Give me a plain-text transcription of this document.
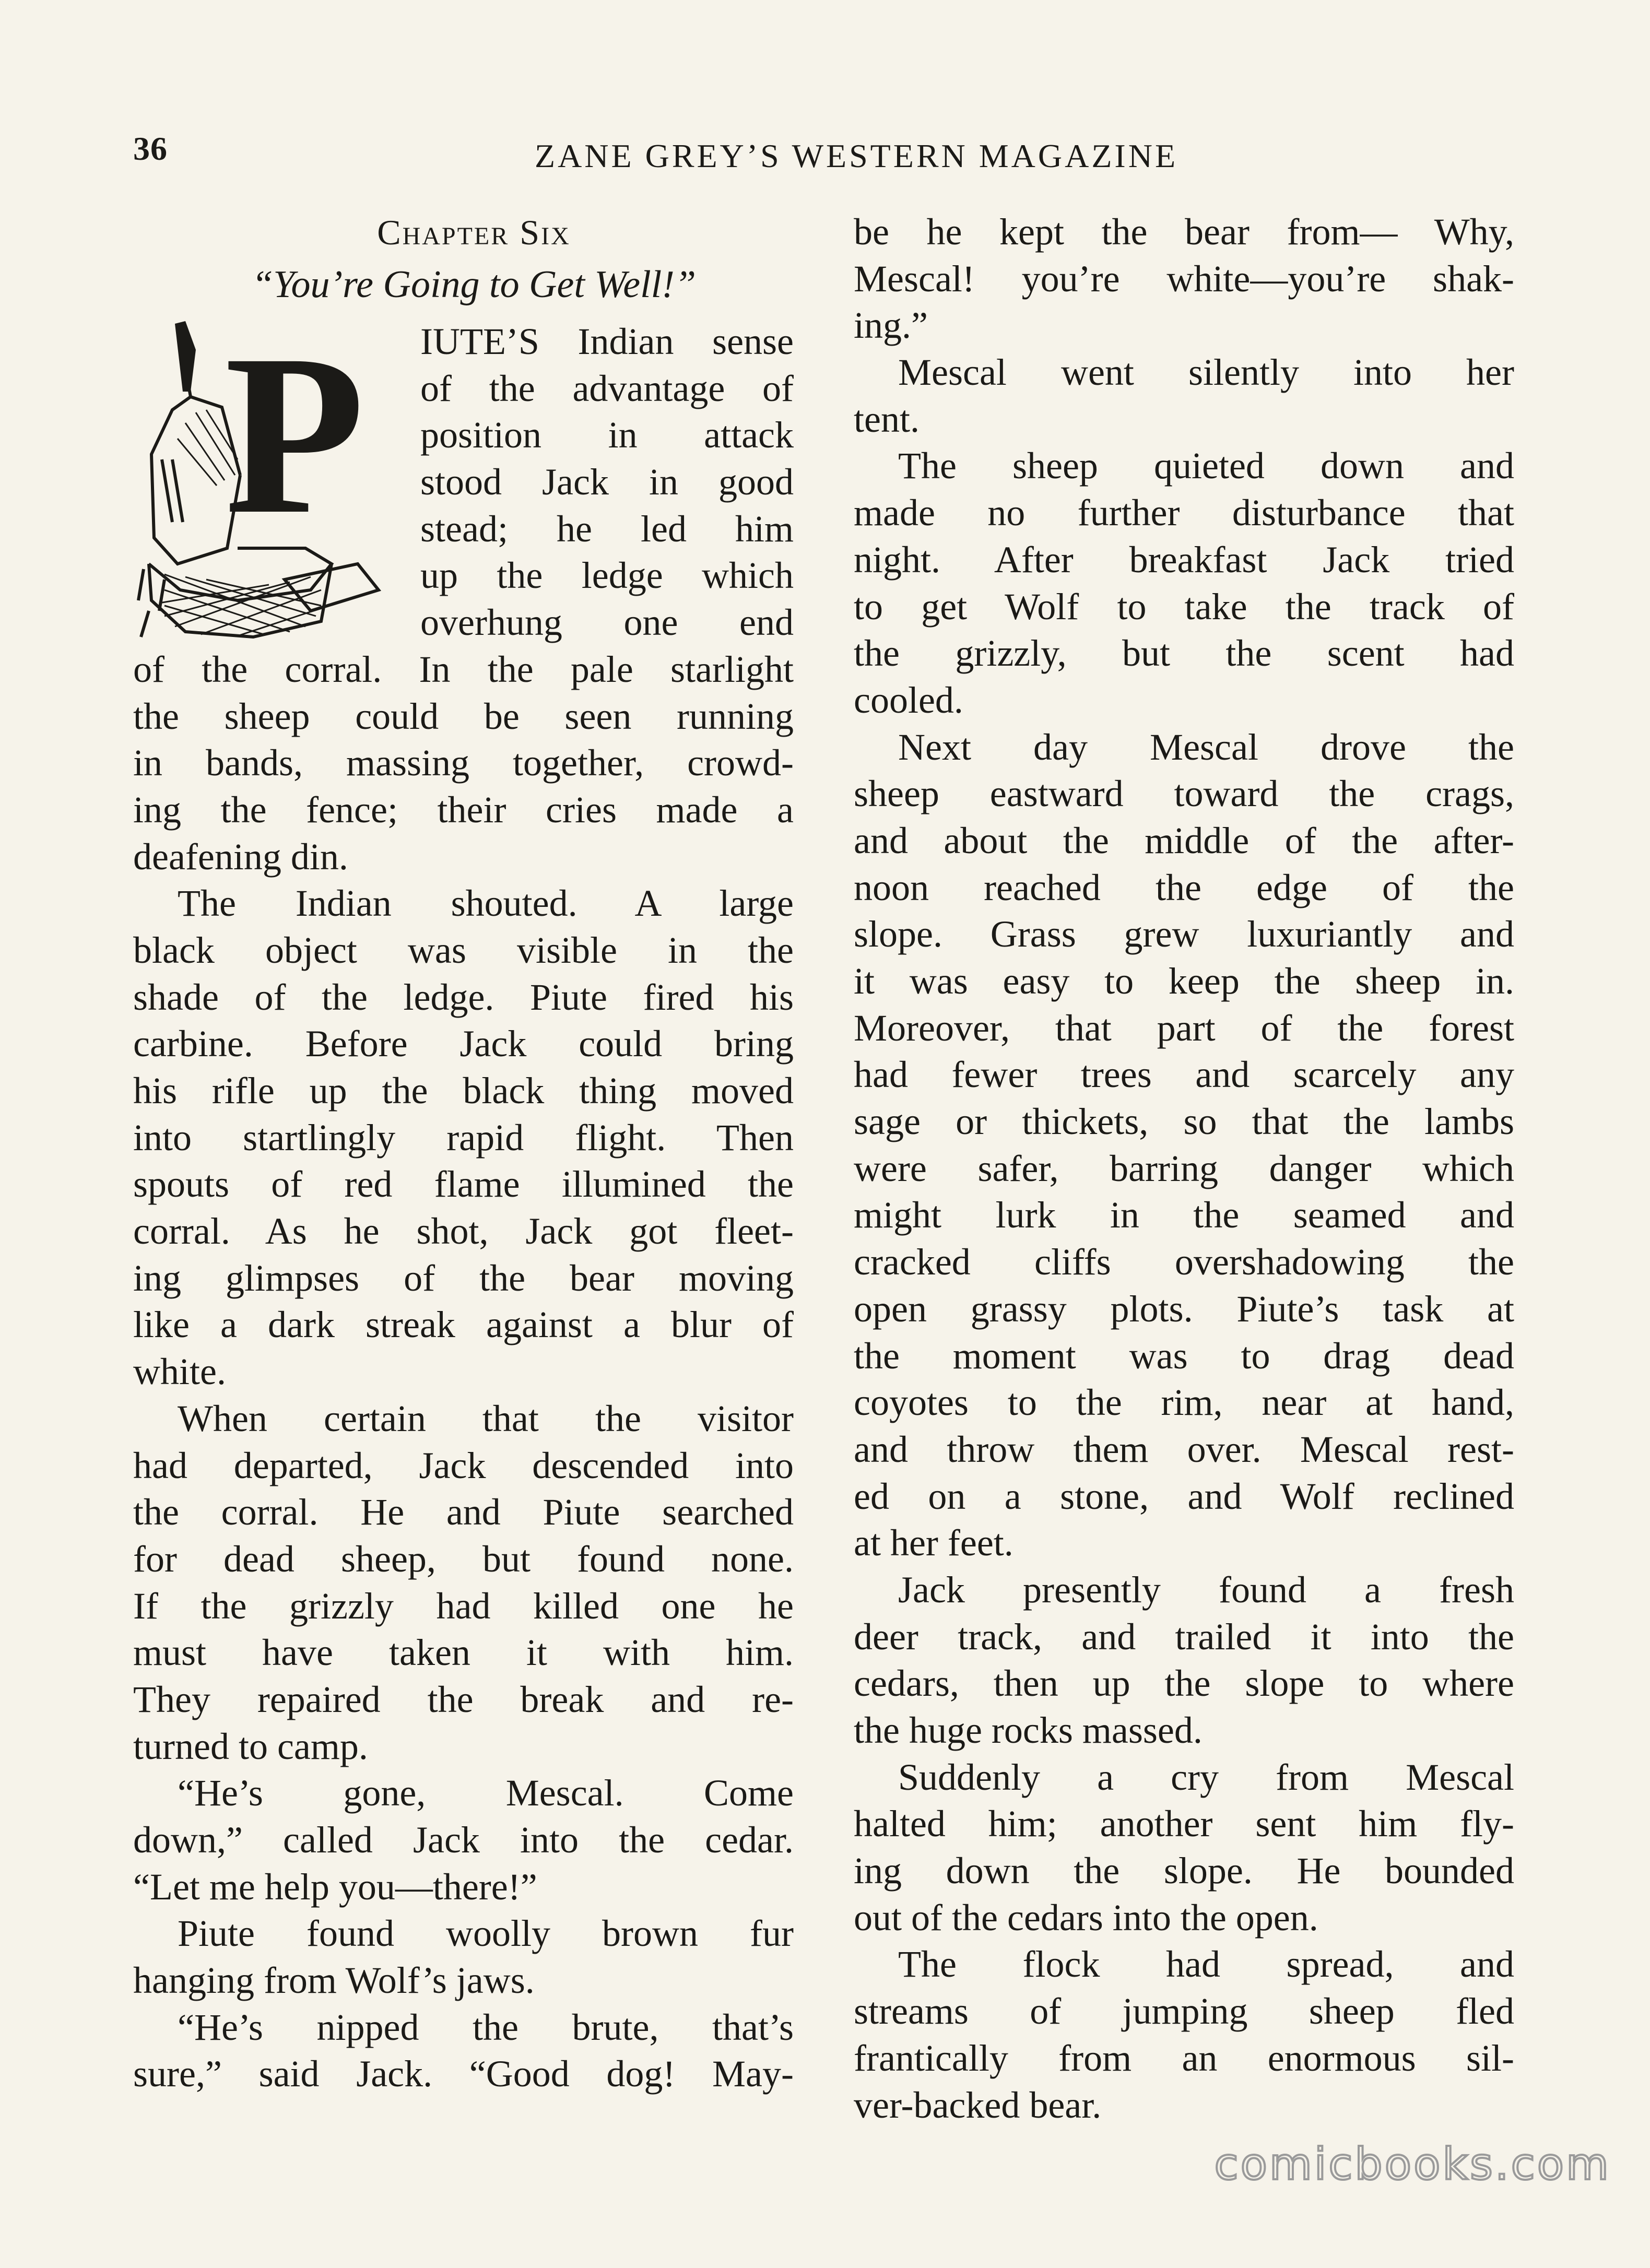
36	ZANE GREY’S WESTERN MAGAZINE
Chapter Six
“You’re Going to Get Well!”
P IUTE’S Indian sense
of the advantage of
position in attack
stood Jack in good
stead; he led him
up the ledge which
overhung one end
of the corral. In the pale starlight
the sheep could be seen running
in bands, massing together, crowd-
ing the fence; their cries made a
deafening din.
The Indian shouted. A large
black object was visible in the
shade of the ledge. Piute fired his
carbine. Before Jack could bring
his rifle up the black thing moved
into startlingly rapid flight. Then
spouts of red flame illumined the
corral. As he shot, Jack got fleet-
ing glimpses of the bear moving
like a dark streak against a blur of
white.
When certain that the visitor
had departed, Jack descended into
the corral. He and Piute searched
for dead sheep, but found none.
If the grizzly had killed one he
must have taken it with him.
They repaired the break and re-
turned to camp.
“He’s gone, Mescal. Come
down,” called Jack into the cedar.
“Let me help you—there!”
Piute found woolly brown fur
hanging from Wolf’s jaws.
“He’s nipped the brute, that’s
sure,” said Jack. “Good dog! May-
be he kept the bear from— Why,
Mescal! you’re white—you’re shak-
ing.”
Mescal went silently into her
tent.
The sheep quieted down and
made no further disturbance that
night. After breakfast Jack tried
to get Wolf to take the track of
the grizzly, but the scent had
cooled.
Next day Mescal drove the
sheep eastward toward the crags,
and about the middle of the after-
noon reached the edge of the
slope. Grass grew luxuriantly and
it was easy to keep the sheep in.
Moreover, that part of the forest
had fewer trees and scarcely any
sage or thickets, so that the lambs
were safer, barring danger which
might lurk in the seamed and
cracked cliffs overshadowing the
open grassy plots. Piute’s task at
the moment was to drag dead
coyotes to the rim, near at hand,
and throw them over. Mescal rest-
ed on a stone, and Wolf reclined
at her feet.
Jack presently found a fresh
deer track, and trailed it into the
cedars, then up the slope to where
the huge rocks massed.
Suddenly a cry from Mescal
halted him; another sent him fly-
ing down the slope. He bounded
out of the cedars into the open.
The flock had spread, and
streams of jumping sheep fled
frantically from an enormous sil-
ver-backed bear.
comicbooks.com
